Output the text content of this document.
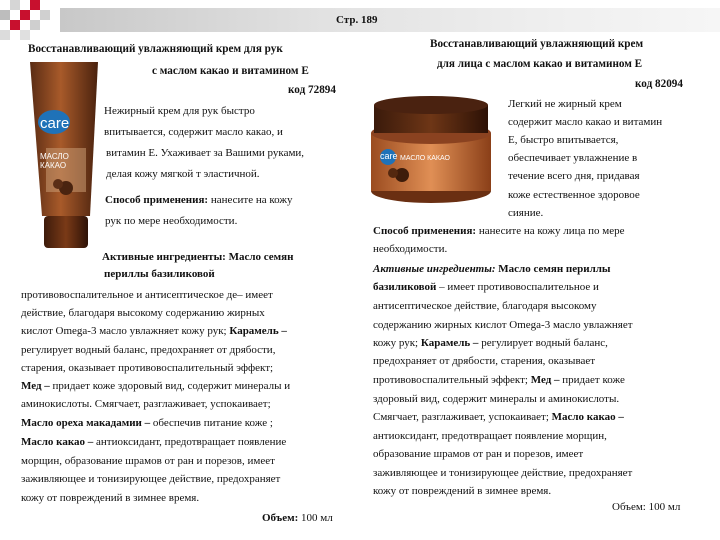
Стр. 189
Восстанавливающий увлажняющий крем для рук
с маслом какао и витамином Е
код 72894
care
МАСЛО
КАКАО
Нежирный крем для рук быстро
впитывается, содержит масло какао, и
витамин Е. Ухаживает за Вашими руками,
делая кожу мягкой т эластичной.
Способ применения: нанесите на кожу
рук по мере необходимости.
Активные ингредиенты: Масло семян
периллы базиликовой
противовоспалительное и антисептическое де– имеет
действие, благодаря высокому содержанию жирных
кислот Omega-3 масло увлажняет кожу рук; Карамель –
регулирует водный баланс, предохраняет от дрябости,
старения, оказывает противовоспалительный эффект;
Мед – придает коже здоровый вид, содержит минералы и
аминокислоты. Смягчает, разглаживает, успокаивает;
Масло ореха макадамии – обеспечив питание коже ;
Масло какао – антиоксидант, предотвращает появление
морщин, образование шрамов от ран и порезов, имеет
заживляющее и тонизирующее действие, предохраняет
кожу от повреждений в зимнее время.
Объем: 100 мл
Восстанавливающий увлажняющий крем
для лица с маслом какао и витамином Е
код 82094
care МАСЛО КАКАО
Легкий не жирный крем
содержит масло какао и витамин
Е, быстро впитывается,
обеспечивает увлажнение в
течение всего дня, придавая
коже естественное здоровое
сияние.
Способ применения: нанесите на кожу лица по мере
необходимости.
Активные ингредиенты: Масло семян периллы
базиликовой – имеет противовоспалительное и
антисептическое действие, благодаря высокому
содержанию жирных кислот Omega-3 масло увлажняет
кожу рук; Карамель – регулирует водный баланс,
предохраняет от дрябости, старения, оказывает
противовоспалительный эффект; Мед – придает коже
здоровый вид, содержит минералы и аминокислоты.
Смягчает, разглаживает, успокаивает; Масло какао –
антиоксидант, предотвращает появление морщин,
образование шрамов от ран и порезов, имеет
заживляющее и тонизирующее действие, предохраняет
кожу от повреждений в зимнее время.
Объем: 100 мл
